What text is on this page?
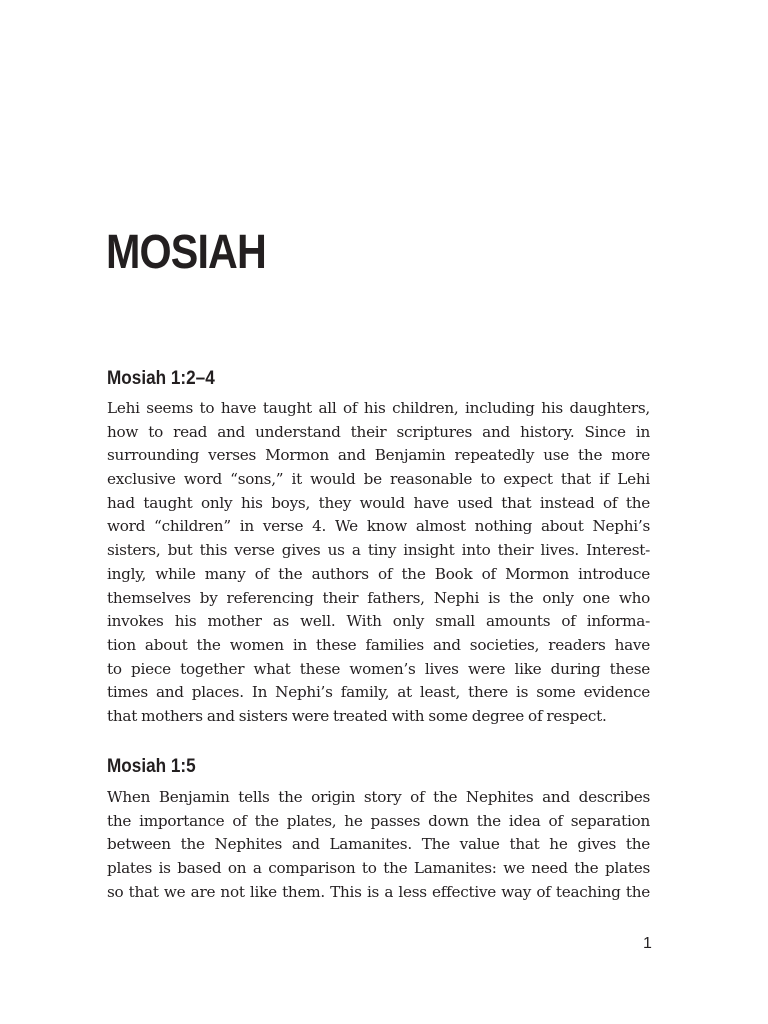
MOSIAH
Mosiah 1:2–4
Lehi seems to have taught all of his children, including his daughters,
how to read and understand their scriptures and history. Since in
surrounding verses Mormon and Benjamin repeatedly use the more
exclusive word “sons,” it would be reasonable to expect that if Lehi
had taught only his boys, they would have used that instead of the
word “children” in verse 4. We know almost nothing about Nephi’s
sisters, but this verse gives us a tiny insight into their lives. Interest-
ingly, while many of the authors of the Book of Mormon introduce
themselves by referencing their fathers, Nephi is the only one who
invokes his mother as well. With only small amounts of informa-
tion about the women in these families and societies, readers have
to piece together what these women’s lives were like during these
times and places. In Nephi’s family, at least, there is some evidence
that mothers and sisters were treated with some degree of respect.
Mosiah 1:5
When Benjamin tells the origin story of the Nephites and describes
the importance of the plates, he passes down the idea of separation
between the Nephites and Lamanites. The value that he gives the
plates is based on a comparison to the Lamanites: we need the plates
so that we are not like them. This is a less effective way of teaching the
1
